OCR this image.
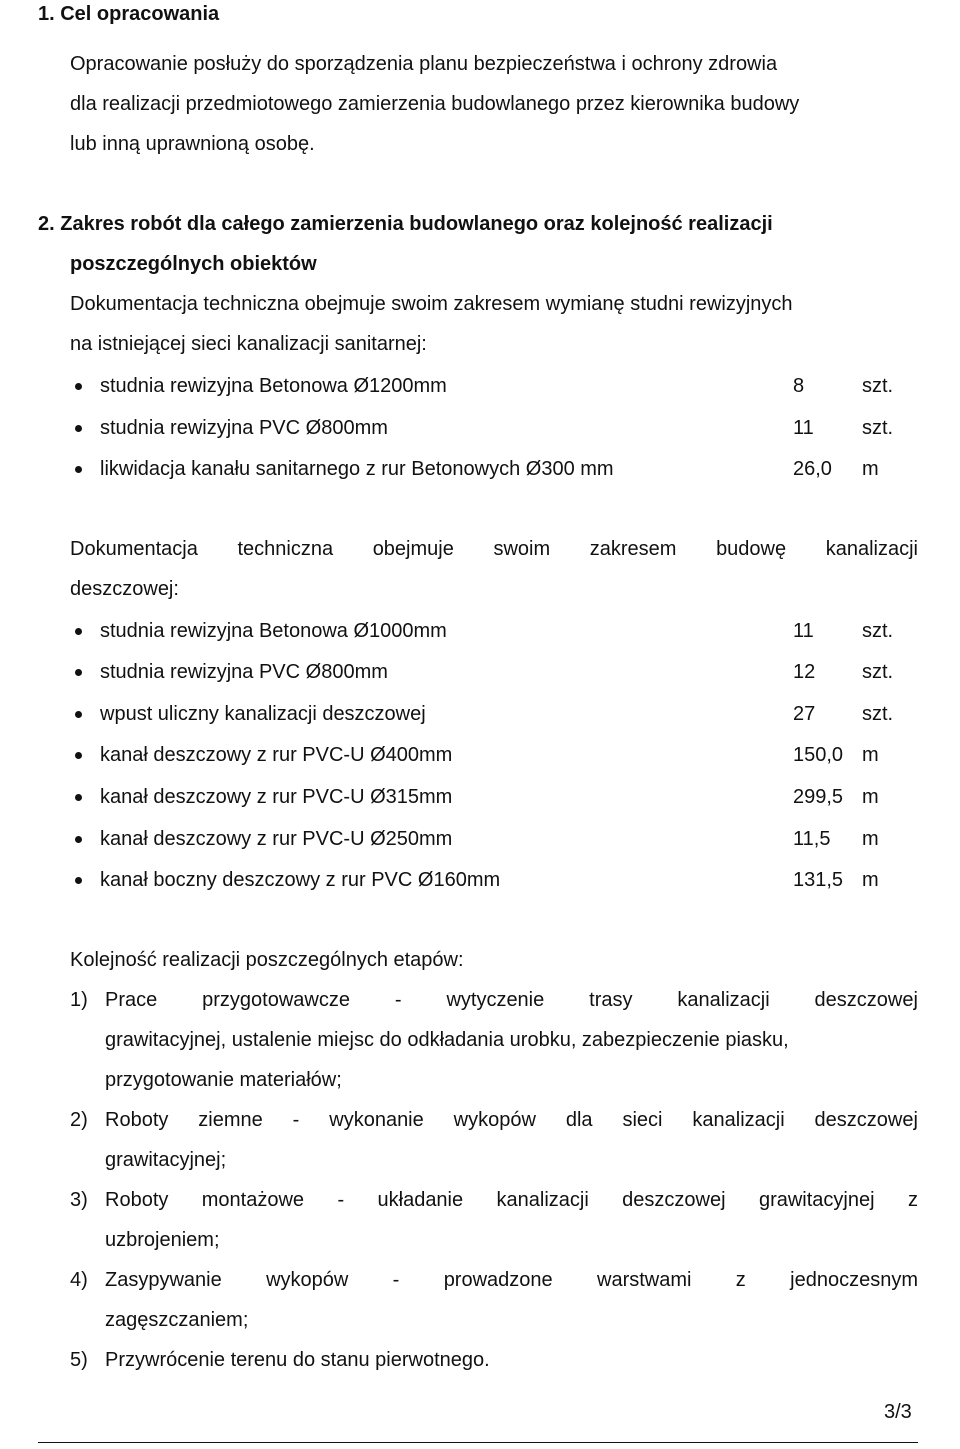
1. Cel opracowania
Opracowanie posłuży do sporządzenia planu bezpieczeństwa i ochrony zdrowia
dla realizacji przedmiotowego zamierzenia budowlanego przez kierownika budowy
lub inną uprawnioną osobę.
2. Zakres robót dla całego zamierzenia budowlanego oraz kolejność realizacji
poszczególnych obiektów
Dokumentacja techniczna obejmuje swoim zakresem wymianę studni rewizyjnych
na istniejącej sieci kanalizacji sanitarnej:
studnia rewizyjna Betonowa Ø1200mm	8	szt.
studnia rewizyjna PVC Ø800mm	11 szt.
likwidacja kanału sanitarnego z rur Betonowych Ø300 mm	26,0 m
Dokumentacja techniczna obejmuje swoim zakresem budowę kanalizacji
deszczowej:
studnia rewizyjna Betonowa Ø1000mm	11 szt.
studnia rewizyjna PVC Ø800mm	12 szt.
wpust uliczny kanalizacji deszczowej	27 szt.
kanał deszczowy z rur PVC-U Ø400mm	150,0 m
kanał deszczowy z rur PVC-U Ø315mm	299,5 m
kanał deszczowy z rur PVC-U Ø250mm	11,5 m
kanał boczny deszczowy z rur PVC Ø160mm	131,5 m
Kolejność realizacji poszczególnych etapów:
1) Prace przygotowawcze - wytyczenie trasy kanalizacji deszczowej
grawitacyjnej, ustalenie miejsc do odkładania urobku, zabezpieczenie piasku,
przygotowanie materiałów;
2) Roboty ziemne - wykonanie wykopów dla sieci kanalizacji deszczowej
grawitacyjnej;
3) Roboty montażowe - układanie kanalizacji deszczowej grawitacyjnej z
uzbrojeniem;
4) Zasypywanie wykopów - prowadzone warstwami z jednoczesnym
zagęszczaniem;
5) Przywrócenie terenu do stanu pierwotnego.
3/3
